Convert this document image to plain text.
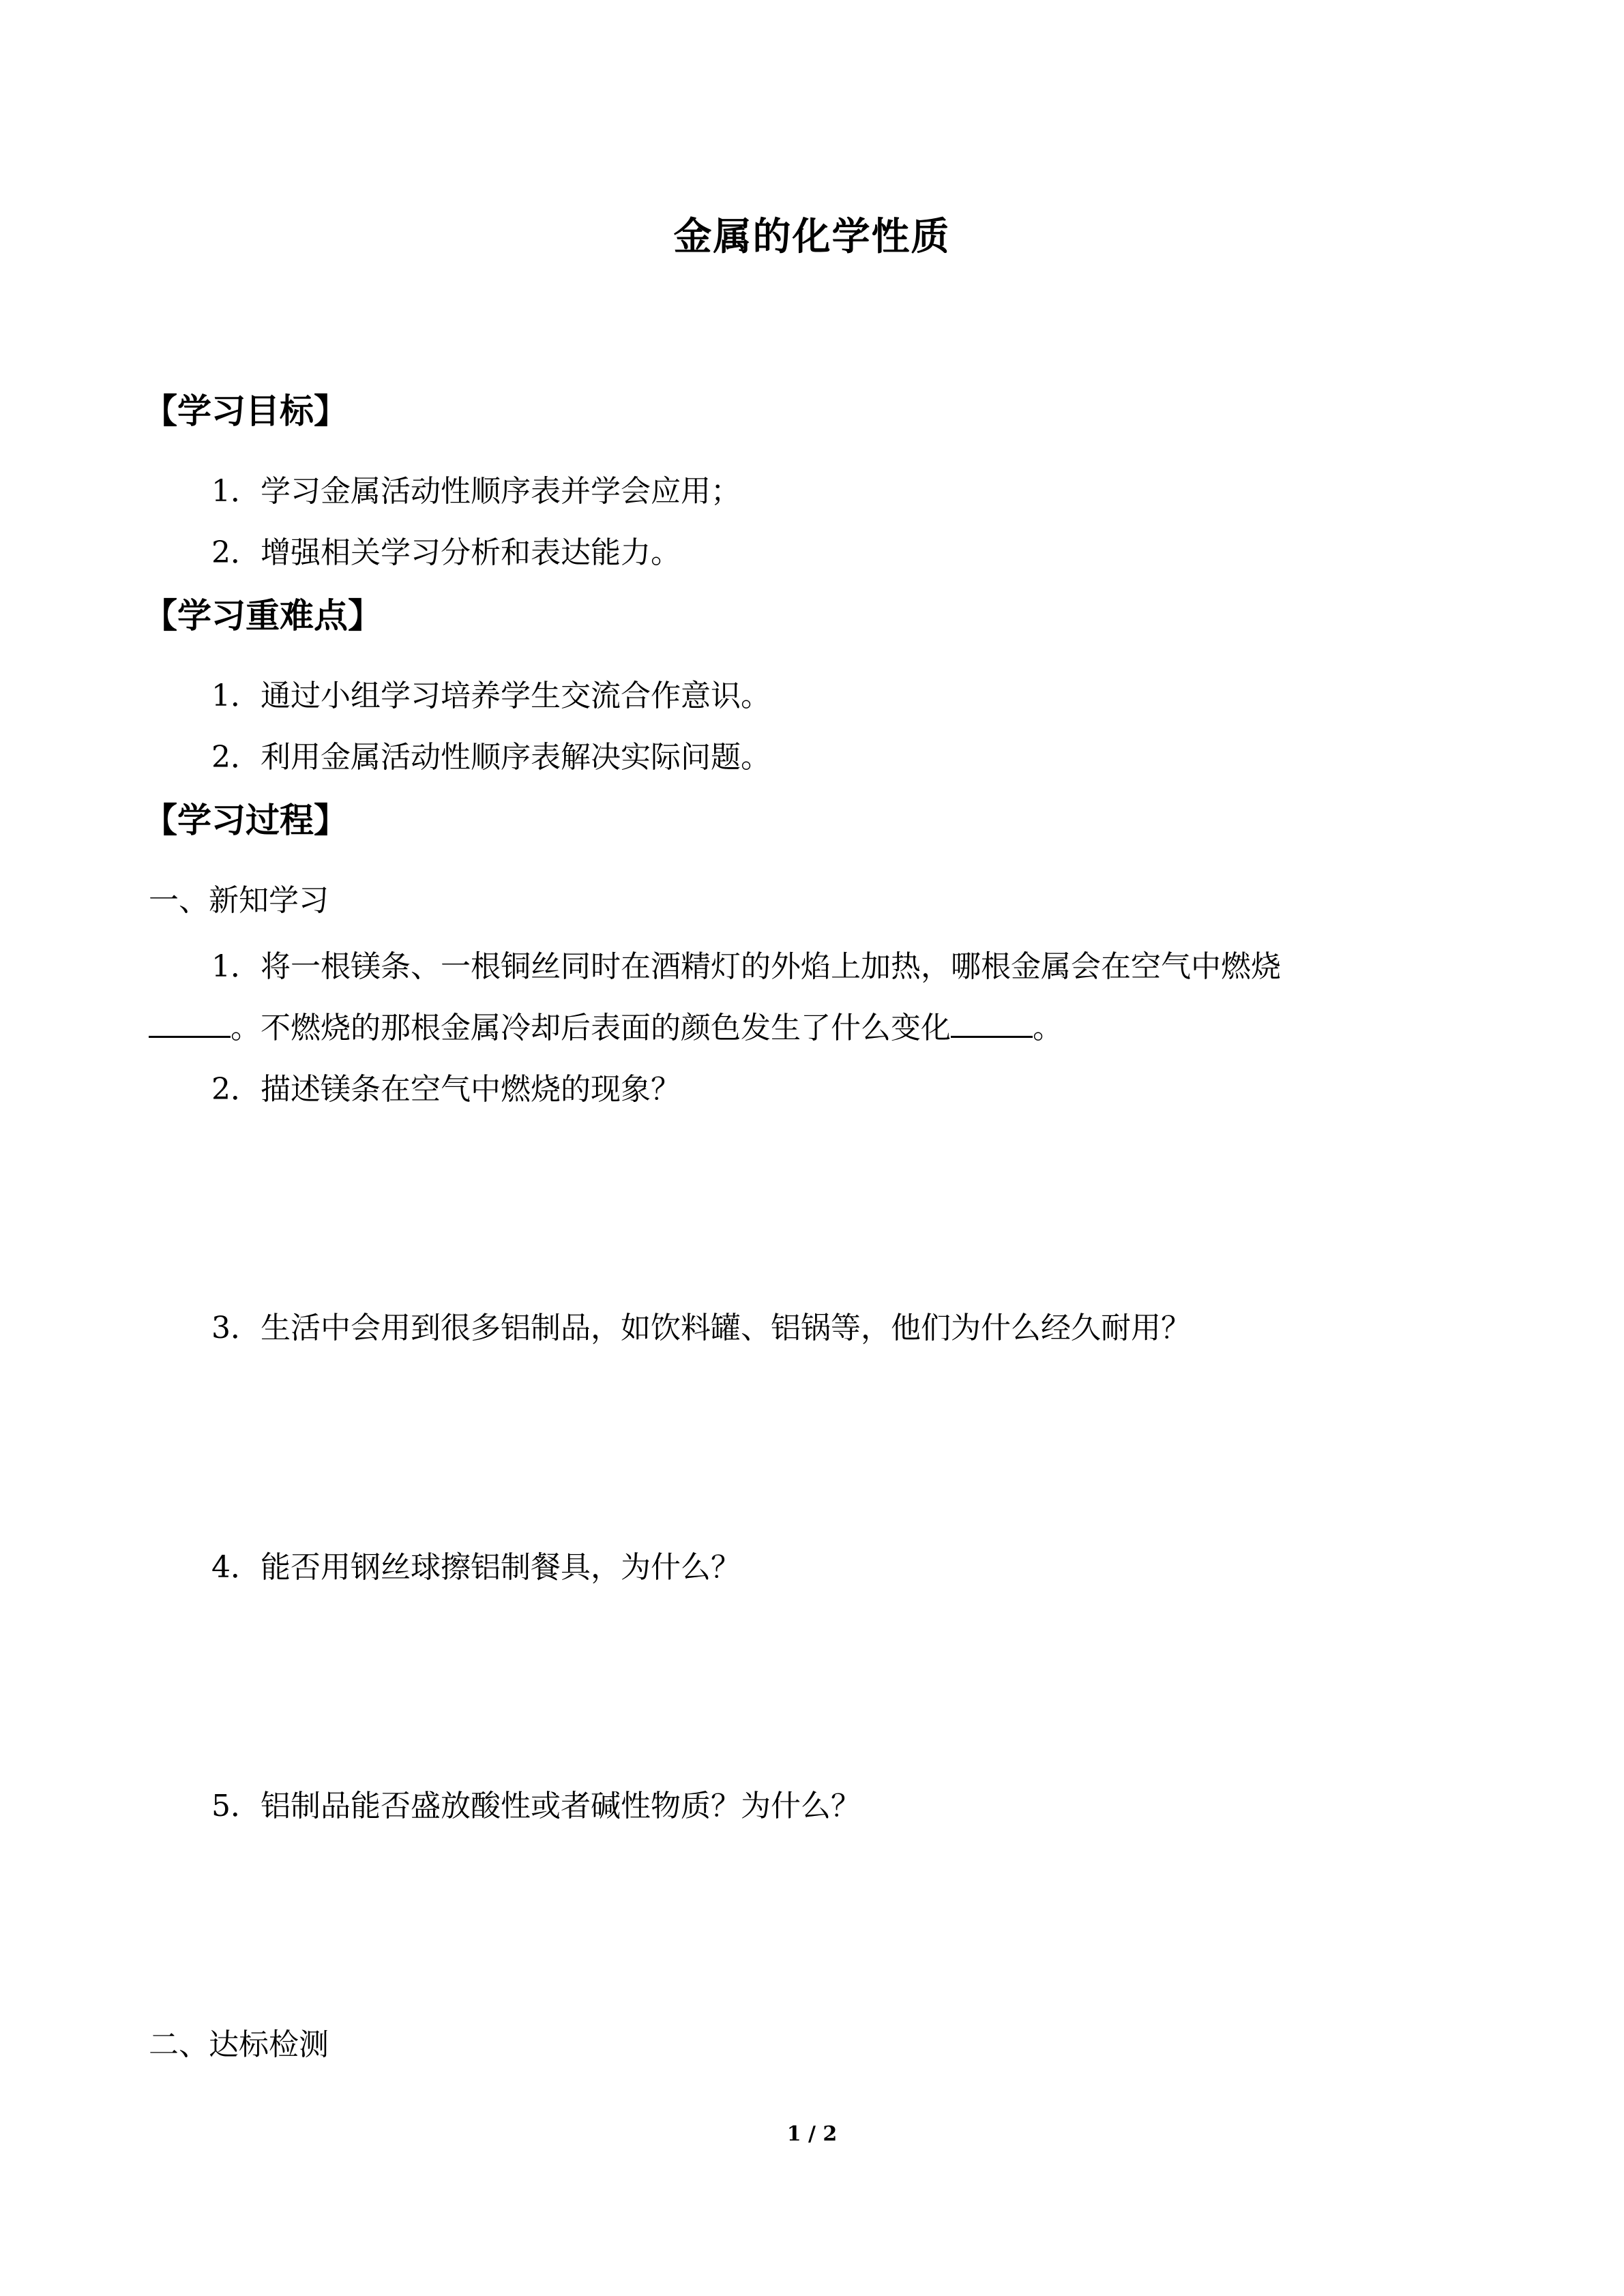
金属的化学性质
【学习目标】
1．学习金属活动性顺序表并学会应用；
2．增强相关学习分析和表达能力。
【学习重难点】
1．通过小组学习培养学生交流合作意识。
2．利用金属活动性顺序表解决实际问题。
【学习过程】
一、新知学习
1．将一根镁条、一根铜丝同时在酒精灯的外焰上加热，哪根金属会在空气中燃烧
。不燃烧的那根金属冷却后表面的颜色发生了什么变化	。
2．描述镁条在空气中燃烧的现象？
3．生活中会用到很多铝制品，如饮料罐、铝锅等，他们为什么经久耐用？
4．能否用钢丝球擦铝制餐具，为什么？
5．铝制品能否盛放酸性或者碱性物质？为什么？
二、达标检测
1 / 2
